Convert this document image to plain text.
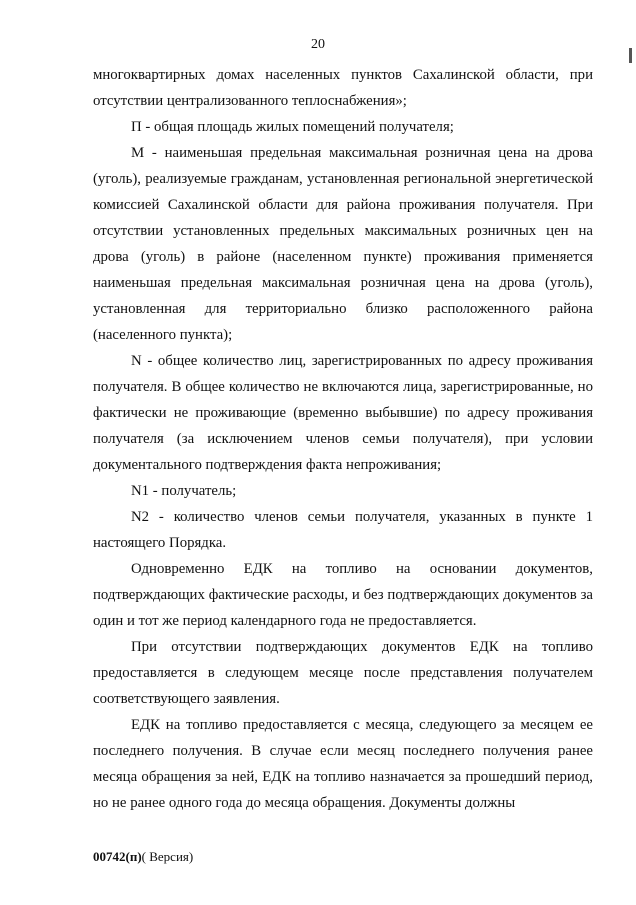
20

многоквартирных домах населенных пунктов Сахалинской области, при отсутствии централизованного теплоснабжения»;

П - общая площадь жилых помещений получателя;

М - наименьшая предельная максимальная розничная цена на дрова (уголь), реализуемые гражданам, установленная региональной энергетической комиссией Сахалинской области для района проживания получателя. При отсутствии установленных предельных максимальных розничных цен на дрова (уголь) в районе (населенном пункте) проживания применяется наименьшая предельная максимальная розничная цена на дрова (уголь), установленная для территориально близко расположенного района (населенного пункта);

N - общее количество лиц, зарегистрированных по адресу проживания получателя. В общее количество не включаются лица, зарегистрированные, но фактически не проживающие (временно выбывшие) по адресу проживания получателя (за исключением членов семьи получателя), при условии документального подтверждения факта непроживания;

N1 - получатель;

N2 - количество членов семьи получателя, указанных в пункте 1 настоящего Порядка.

Одновременно ЕДК на топливо на основании документов, подтверждающих фактические расходы, и без подтверждающих документов за один и тот же период календарного года не предоставляется.

При отсутствии подтверждающих документов ЕДК на топливо предоставляется в следующем месяце после представления получателем соответствующего заявления.

ЕДК на топливо предоставляется с месяца, следующего за месяцем ее последнего получения. В случае если месяц последнего получения ранее месяца обращения за ней, ЕДК на топливо назначается за прошедший период, но не ранее одного года до месяца обращения. Документы должны

00742(п)( Версия)
